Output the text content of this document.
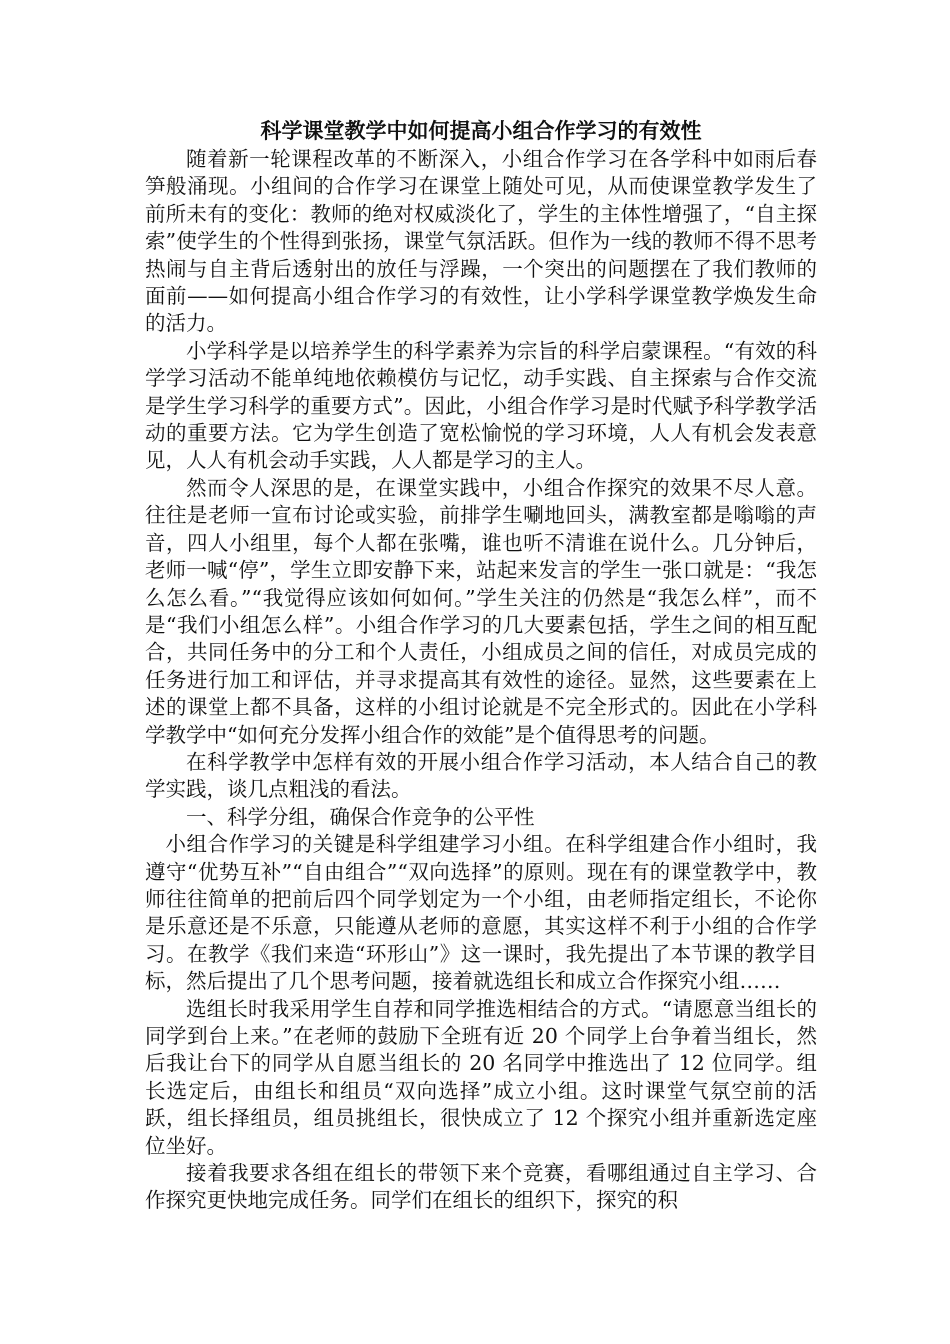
科学课堂教学中如何提高小组合作学习的有效性

随着新一轮课程改革的不断深入，小组合作学习在各学科中如雨后春笋般涌现。小组间的合作学习在课堂上随处可见，从而使课堂教学发生了前所未有的变化：教师的绝对权威淡化了，学生的主体性增强了，“自主探索”使学生的个性得到张扬，课堂气氛活跃。但作为一线的教师不得不思考热闹与自主背后透射出的放任与浮躁，一个突出的问题摆在了我们教师的面前——如何提高小组合作学习的有效性，让小学科学课堂教学焕发生命的活力。

小学科学是以培养学生的科学素养为宗旨的科学启蒙课程。“有效的科学学习活动不能单纯地依赖模仿与记忆，动手实践、自主探索与合作交流是学生学习科学的重要方式”。因此，小组合作学习是时代赋予科学教学活动的重要方法。它为学生创造了宽松愉悦的学习环境，人人有机会发表意见，人人有机会动手实践，人人都是学习的主人。

然而令人深思的是，在课堂实践中，小组合作探究的效果不尽人意。往往是老师一宣布讨论或实验，前排学生唰地回头，满教室都是嗡嗡的声音，四人小组里，每个人都在张嘴，谁也听不清谁在说什么。几分钟后，老师一喊“停”，学生立即安静下来，站起来发言的学生一张口就是：“我怎么怎么看。”“我觉得应该如何如何。”学生关注的仍然是“我怎么样”，而不是“我们小组怎么样”。小组合作学习的几大要素包括，学生之间的相互配合，共同任务中的分工和个人责任，小组成员之间的信任，对成员完成的任务进行加工和评估，并寻求提高其有效性的途径。显然，这些要素在上述的课堂上都不具备，这样的小组讨论就是不完全形式的。因此在小学科学教学中“如何充分发挥小组合作的效能”是个值得思考的问题。

在科学教学中怎样有效的开展小组合作学习活动，本人结合自己的教学实践，谈几点粗浅的看法。

一、科学分组，确保合作竞争的公平性

小组合作学习的关键是科学组建学习小组。在科学组建合作小组时，我遵守“优势互补”“自由组合”“双向选择”的原则。现在有的课堂教学中，教师往往简单的把前后四个同学划定为一个小组，由老师指定组长，不论你是乐意还是不乐意，只能遵从老师的意愿，其实这样不利于小组的合作学习。在教学《我们来造“环形山”》这一课时，我先提出了本节课的教学目标，然后提出了几个思考问题，接着就选组长和成立合作探究小组……

选组长时我采用学生自荐和同学推选相结合的方式。“请愿意当组长的同学到台上来。”在老师的鼓励下全班有近 20 个同学上台争着当组长，然后我让台下的同学从自愿当组长的 20 名同学中推选出了 12 位同学。组长选定后，由组长和组员“双向选择”成立小组。这时课堂气氛空前的活跃，组长择组员，组员挑组长，很快成立了 12 个探究小组并重新选定座位坐好。

接着我要求各组在组长的带领下来个竞赛，看哪组通过自主学习、合作探究更快地完成任务。同学们在组长的组织下，探究的积
